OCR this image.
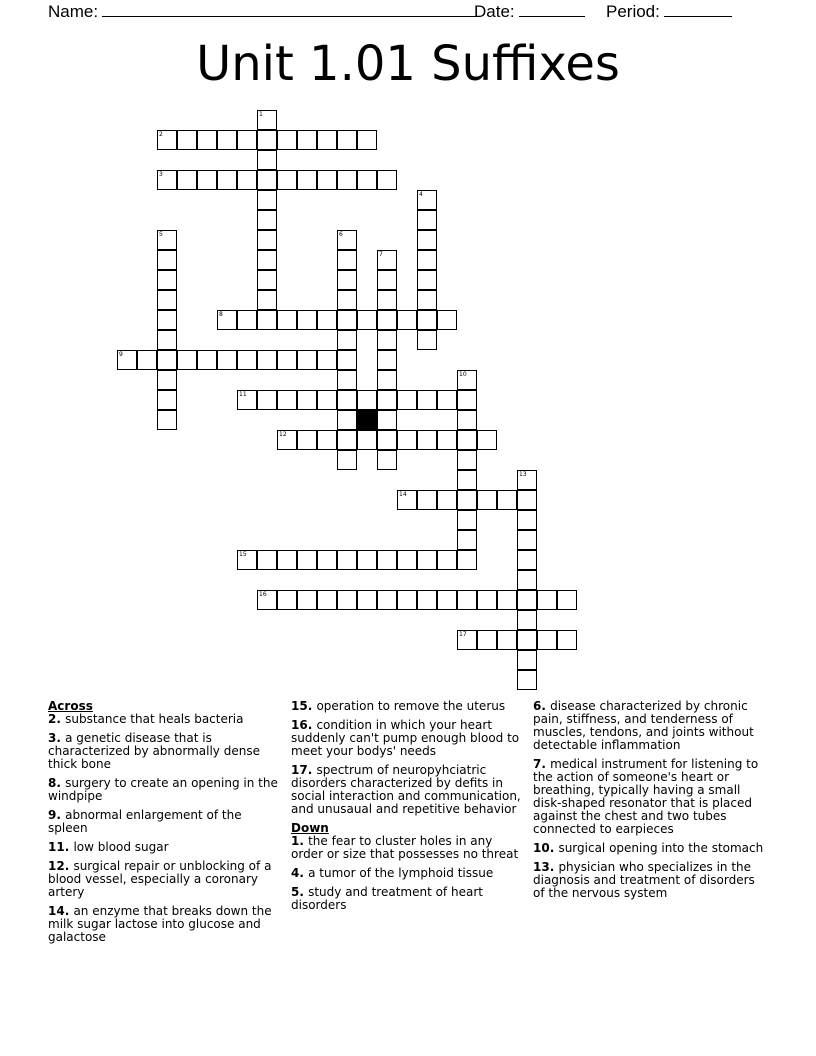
Name:	Date:	Period:
Unit 1.01 Suffixes
1
2
3
4
5	6
7
8
9
10
11
12
13
14
15
16
17
Across
2. substance that heals bacteria
3. a genetic disease that is characterized by abnormally dense thick bone
8. surgery to create an opening in the windpipe
9. abnormal enlargement of the spleen
11. low blood sugar
12. surgical repair or unblocking of a blood vessel, especially a coronary artery
14. an enzyme that breaks down the milk sugar lactose into glucose and galactose
15. operation to remove the uterus
16. condition in which your heart suddenly can't pump enough blood to meet your bodys' needs
17. spectrum of neuropyhciatric disorders characterized by defits in social interaction and communication, and unusaual and repetitive behavior
Down
1. the fear to cluster holes in any order or size that possesses no threat
4. a tumor of the lymphoid tissue
5. study and treatment of heart disorders
6. disease characterized by chronic pain, stiffness, and tenderness of muscles, tendons, and joints without detectable inflammation
7. medical instrument for listening to the action of someone's heart or breathing, typically having a small disk-shaped resonator that is placed against the chest and two tubes connected to earpieces
10. surgical opening into the stomach
13. physician who specializes in the diagnosis and treatment of disorders of the nervous system
